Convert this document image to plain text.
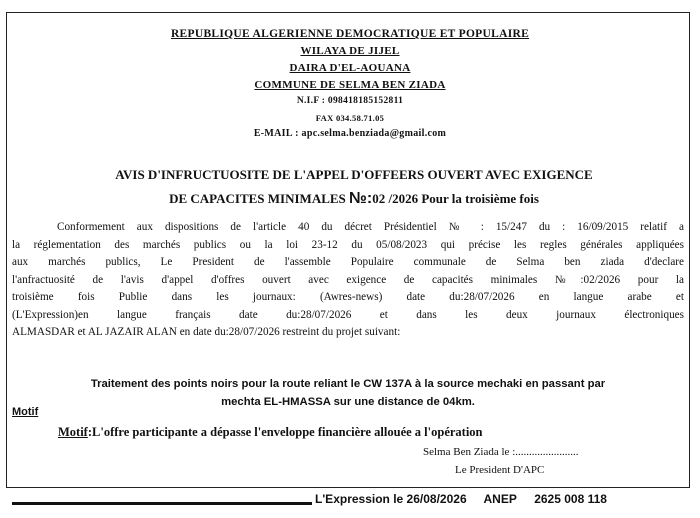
REPUBLIQUE ALGERIENNE DEMOCRATIQUE ET POPULAIRE
WILAYA DE JIJEL
DAIRA D'EL-AOUANA
COMMUNE DE SELMA BEN ZIADA
N.I.F : 098418185152811
FAX 034.58.71.05
E-MAIL : apc.selma.benziada@gmail.com
AVIS D'INFRUCTUOSITE DE L'APPEL D'OFFEERS OUVERT AVEC EXIGENCE
DE CAPACITES MINIMALES №:02 /2026 Pour la troisième fois
Conformement aux dispositions de l'article 40 du décret Présidentiel № : 15/247 du : 16/09/2015 relatif a
la réglementation des marchés publics ou la loi 23-12 du 05/08/2023 qui précise les regles générales appliquées
aux marchés publics, Le President de l'assemble Populaire communale de Selma ben ziada d'declare
l'anfractuosité de l'avis d'appel d'offres ouvert avec exigence de capacités minimales №:02/2026 pour la
troisième fois Publie dans les journaux: (Awres-news) date du:28/07/2026 en langue arabe et
(L'Expression)en langue français date du:28/07/2026 et dans les deux journaux électroniques
ALMASDAR et AL JAZAIR ALAN en date du:28/07/2026 restreint du projet suivant:
Traitement des points noirs pour la route reliant le CW 137A à la source mechaki en passant par
mechta EL-HMASSA sur une distance de 04km.
Motif
Motif:L'offre participante a dépasse l'enveloppe financière allouée a l'opération
Selma Ben Ziada le :.......................
Le President D'APC
L'Expression le 26/08/2026 ANEP 2625 008 118
